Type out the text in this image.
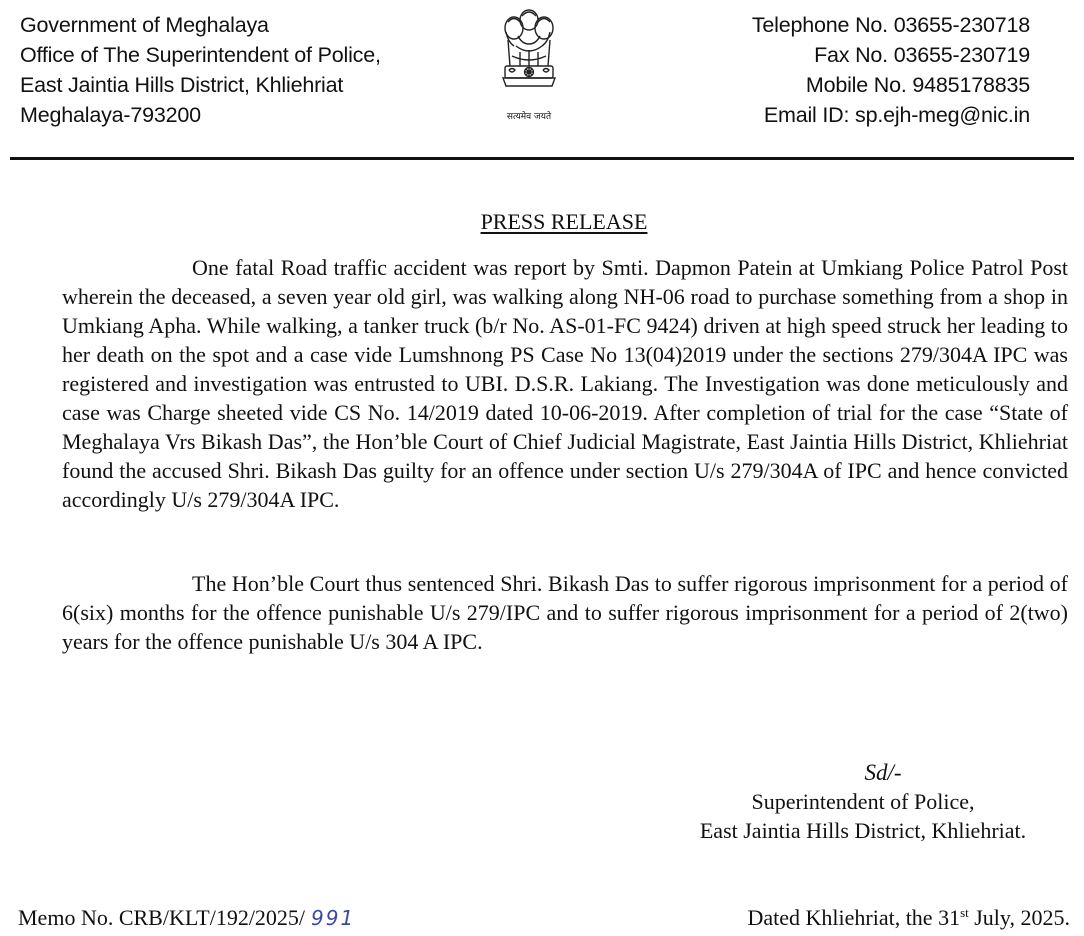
Government of Meghalaya
Office of The Superintendent of Police,
East Jaintia Hills District, Khliehriat
Meghalaya-793200	सत्यमेव जयते
Telephone No. 03655-230718
Fax No. 03655-230719
Mobile No. 9485178835
Email ID: sp.ejh-meg@nic.in
PRESS RELEASE

One fatal Road traffic accident was report by Smti. Dapmon Patein at Umkiang Police Patrol Post wherein the deceased, a seven year old girl, was walking along NH-06 road to purchase something from a shop in Umkiang Apha. While walking, a tanker truck (b/r No. AS-01-FC 9424) driven at high speed struck her leading to her death on the spot and a case vide Lumshnong PS Case No 13(04)2019 under the sections 279/304A IPC was registered and investigation was entrusted to UBI. D.S.R. Lakiang. The Investigation was done meticulously and case was Charge sheeted vide CS No. 14/2019 dated 10-06-2019. After completion of trial for the case “State of Meghalaya Vrs Bikash Das”, the Hon’ble Court of Chief Judicial Magistrate, East Jaintia Hills District, Khliehriat found the accused Shri. Bikash Das guilty for an offence under section U/s 279/304A of IPC and hence convicted accordingly U/s 279/304A IPC.

The Hon’ble Court thus sentenced Shri. Bikash Das to suffer rigorous imprisonment for a period of 6(six) months for the offence punishable U/s 279/IPC and to suffer rigorous imprisonment for a period of 2(two) years for the offence punishable U/s 304 A IPC.

Sd/-
Superintendent of Police,
East Jaintia Hills District, Khliehriat.
Memo No. CRB/KLT/192/2025/ 991	Dated Khliehriat, the 31st July, 2025.
